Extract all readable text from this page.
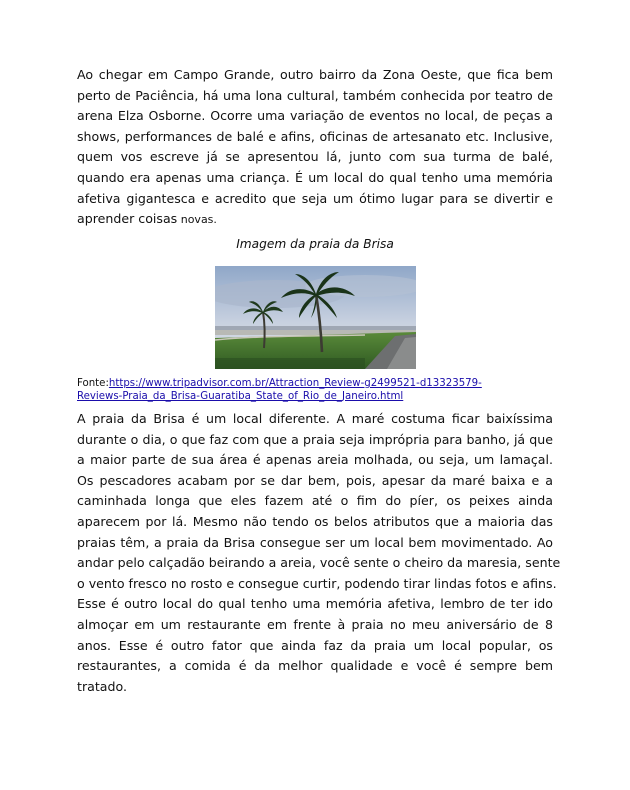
Ao chegar em Campo Grande, outro bairro da Zona Oeste, que fica bem
perto de Paciência, há uma lona cultural, também conhecida por teatro de
arena Elza Osborne. Ocorre uma variação de eventos no local, de peças a
shows, performances de balé e afins, oficinas de artesanato etc. Inclusive,
quem vos escreve já se apresentou lá, junto com sua turma de balé,
quando era apenas uma criança. É um local do qual tenho uma memória
afetiva gigantesca e acredito que seja um ótimo lugar para se divertir e
aprender coisas novas.

Imagem da praia da Brisa

Fonte:https://www.tripadvisor.com.br/Attraction_Review-g2499521-d13323579-
Reviews-Praia_da_Brisa-Guaratiba_State_of_Rio_de_Janeiro.html

A praia da Brisa é um local diferente. A maré costuma ficar baixíssima
durante o dia, o que faz com que a praia seja imprópria para banho, já que
a maior parte de sua área é apenas areia molhada, ou seja, um lamaçal.
Os pescadores acabam por se dar bem, pois, apesar da maré baixa e a
caminhada longa que eles fazem até o fim do píer, os peixes ainda
aparecem por lá. Mesmo não tendo os belos atributos que a maioria das
praias têm, a praia da Brisa consegue ser um local bem movimentado. Ao
andar pelo calçadão beirando a areia, você sente o cheiro da maresia, sente
o vento fresco no rosto e consegue curtir, podendo tirar lindas fotos e afins.
Esse é outro local do qual tenho uma memória afetiva, lembro de ter ido
almoçar em um restaurante em frente à praia no meu aniversário de 8
anos. Esse é outro fator que ainda faz da praia um local popular, os
restaurantes, a comida é da melhor qualidade e você é sempre bem
tratado.
